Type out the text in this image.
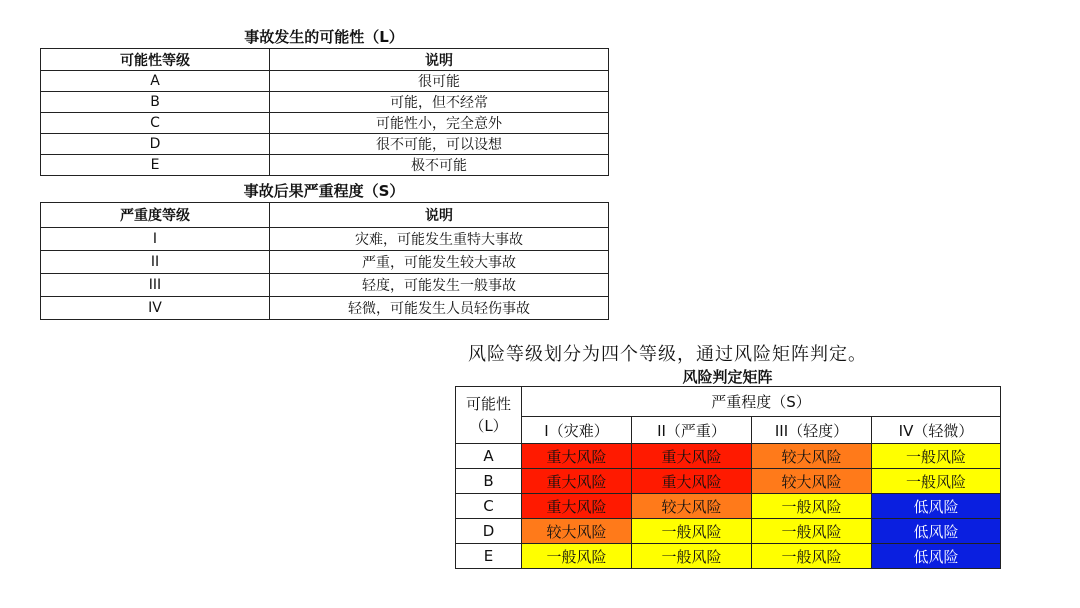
事故发生的可能性（L）
可能性等级	说明
A	很可能
B	可能，但不经常
C	可能性小，完全意外
D	很不可能，可以设想
E	极不可能
事故后果严重程度（S）
严重度等级	说明
I	灾难，可能发生重特大事故
II	严重，可能发生较大事故
III	轻度，可能发生一般事故
IV	轻微，可能发生人员轻伤事故
风险等级划分为四个等级，通过风险矩阵判定。
风险判定矩阵
可能性
（L）	严重程度（S）			
	I（灾难）	II（严重）	III（轻度）	IV（轻微）
A	重大风险	重大风险	较大风险	一般风险
B	重大风险	重大风险	较大风险	一般风险
C	重大风险	较大风险	一般风险	低风险
D	较大风险	一般风险	一般风险	低风险
E	一般风险	一般风险	一般风险	低风险
